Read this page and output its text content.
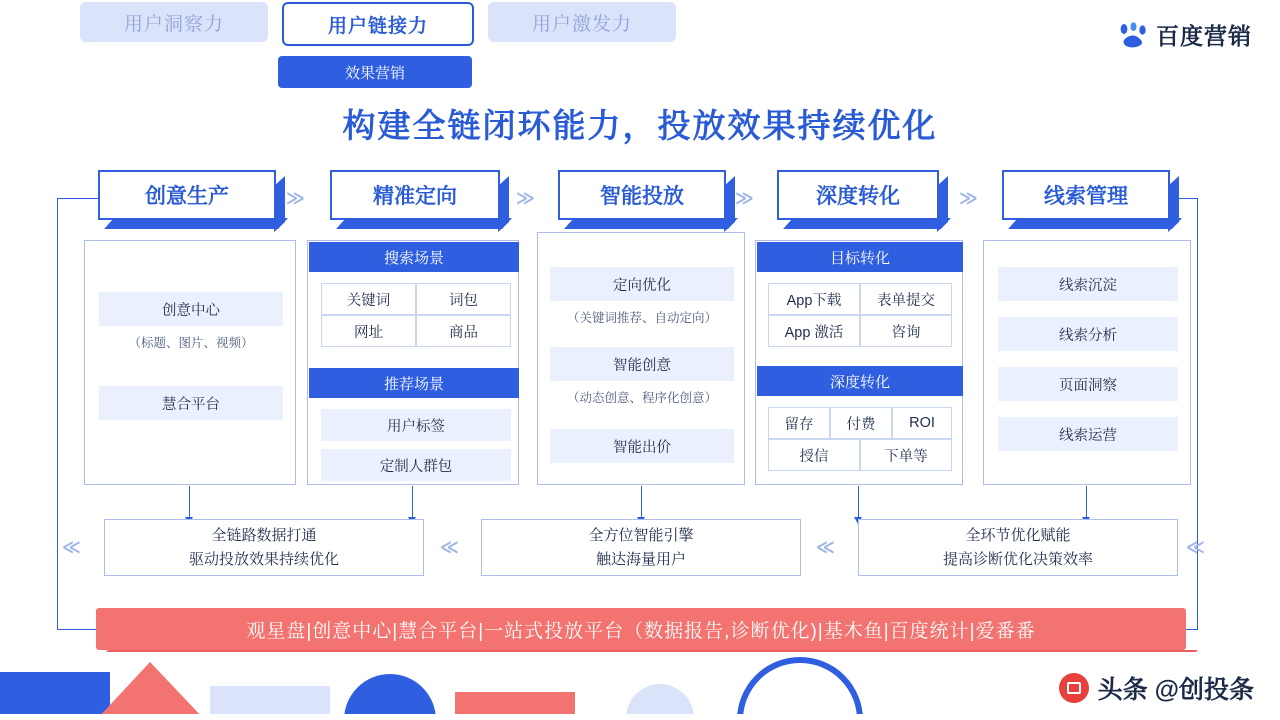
用户洞察力	用户链接力	用户激发力
效果营销
百度营销
构建全链闭环能力，投放效果持续优化
创意生产
创意中心
（标题、图片、视频）
慧合平台
≫	精准定向
搜索场景
关键词	词包
网址	商品
推荐场景
用户标签
定制人群包
≫	智能投放
定向优化
（关键词推荐、自动定向）
智能创意
（动态创意、程序化创意）
智能出价
≫	深度转化
目标转化
App下载 表单提交
App 激活	咨询
深度转化
留存 付费 ROI
授信	下单等
≫	线索管理
线索沉淀
线索分析
页面洞察
线索运营
全链路数据打通
驱动投放效果持续优化
全方位智能引擎
触达海量用户
全环节优化赋能
提高诊断优化决策效率
≪	≪	≪	≪
观星盘|创意中心|慧合平台|一站式投放平台（数据报告,诊断优化)|基木鱼|百度统计|爱番番
头条 @创投条
